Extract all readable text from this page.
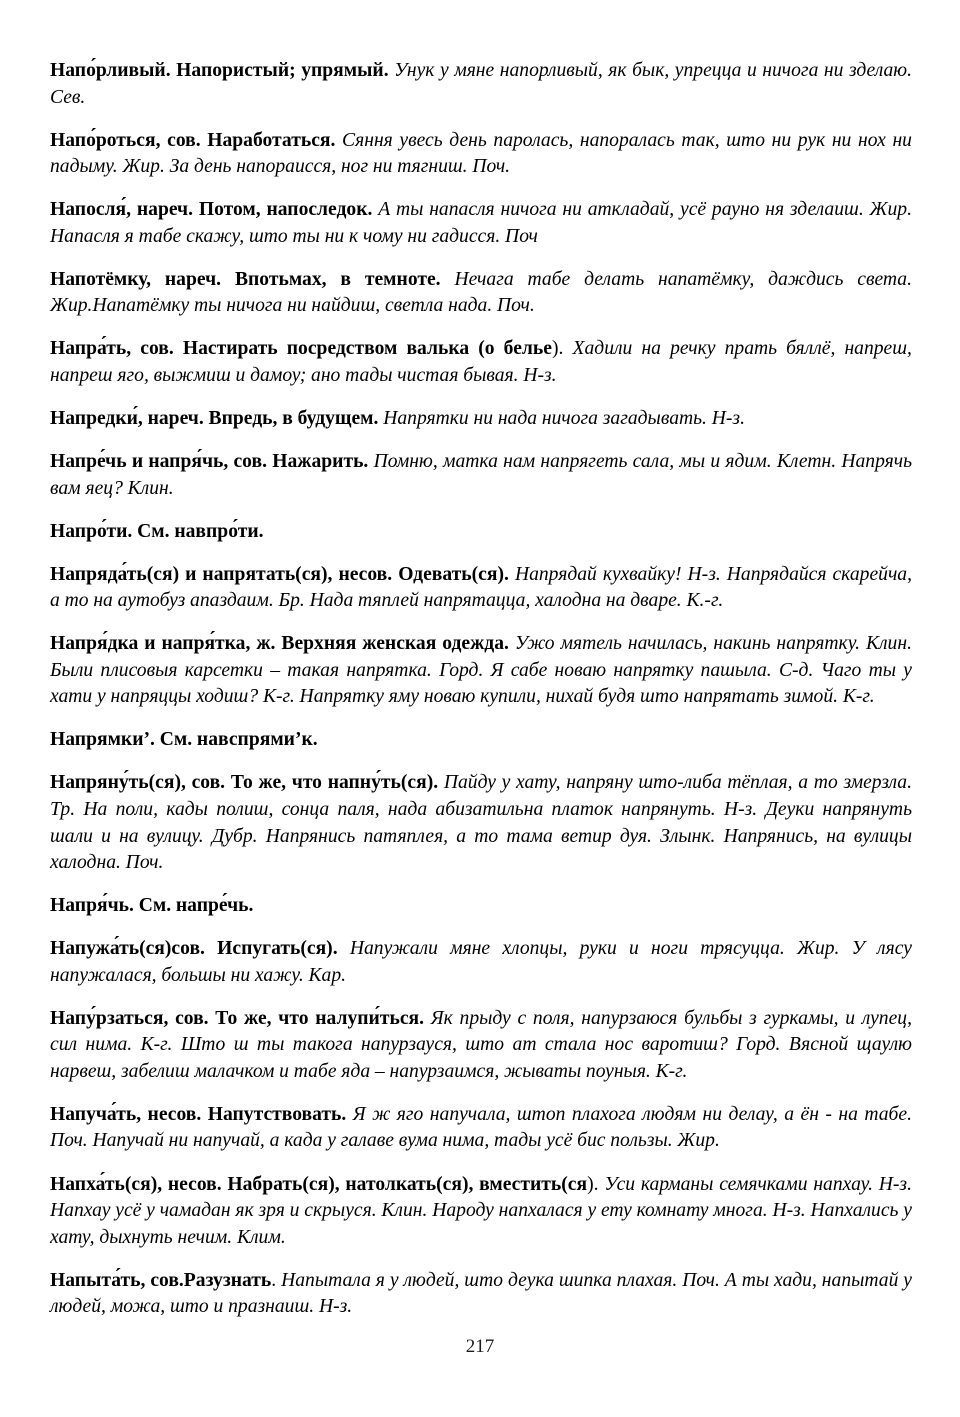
Напо́рливый. Напористый; упрямый. Унук у мяне напорливый, як бык, упрецца и ничога ни зделаю. Сев.

Напо́роться, сов. Наработаться. Сяння увесь день паролась, напоралась так, што ни рук ни нох ни падыму. Жир. За день напораисся, ног ни тягниш. Поч.

Напосля́, нареч. Потом, напоследок. А ты напасля ничога ни аткладай, усё рауно ня зделаиш. Жир. Напасля я табе скажу, што ты ни к чому ни гадисся. Поч

Напотёмку, нареч. Впотьмах, в темноте. Нечага табе делать напатёмку, даждись света. Жир.Напатёмку ты ничога ни найдиш, светла нада. Поч.

Напра́ть, сов. Настирать посредством валька (о белье). Хадили на речку прать бяллё, напреш, напреш яго, выжмиш и дамоу; ано тады чистая бывая. Н-з.

Напредки́, нареч. Впредь, в будущем. Напрятки ни нада ничога загадывать. Н-з.

Напре́чь и напря́чь, сов. Нажарить. Помню, матка нам напрягеть сала, мы и ядим. Клетн. Напрячь вам яец? Клин.

Напро́ти. См. навпро́ти.

Напряда́ть(ся) и напрятать(ся), несов. Одевать(ся). Напрядай кухвайку! Н-з. Напрядайся скарейча, а то на аутобуз апаздаим. Бр. Нада тяплей напрятацца, халодна на дваре. К.-г.

Напря́дка и напря́тка, ж. Верхняя женская одежда. Ужо мятель начилась, накинь напрятку. Клин. Были плисовыя карсетки – такая напрятка. Горд. Я сабе новаю напрятку пашыла. С-д. Чаго ты у хати у напряццы ходиш? К-г. Напрятку яму новаю купили, нихай будя што напрятать зимой. К-г.

Напрямки’. См. навспрями’к.

Напряну́ть(ся), сов. То же, что напну́ть(ся). Пайду у хату, напряну што-либа тёплая, а то змерзла. Тр. На поли, кады полиш, сонца паля, нада абизатильна платок напрянуть. Н-з. Деуки напрянуть шали и на вулицу. Дубр. Напрянись патяплея, а то тама ветир дуя. Злынк. Напрянись, на вулицы халодна. Поч.

Напря́чь. См. напре́чь.

Напужа́ть(ся)сов. Испугать(ся). Напужали мяне хлопцы, руки и ноги трясуцца. Жир. У лясу напужалася, большы ни хажу. Кар.

Напу́рзаться, сов. То же, что налупи́ться. Як прыду с поля, напурзаюся бульбы з гуркамы, и лупец, сил нима. К-г. Што ш ты такога напурзауся, што ат стала нос варотиш? Горд. Вясной щаулю нарвеш, забелиш малачком и табе яда – напурзаимся, жываты поуныя. К-г.

Напуча́ть, несов. Напутствовать. Я ж яго напучала, штоп плахога людям ни делау, а ён - на табе. Поч. Напучай ни напучай, а када у галаве вума нима, тады усё бис пользы. Жир.

Напха́ть(ся), несов. Набрать(ся), натолкать(ся), вместить(ся). Уси карманы семячками напхау. Н-з. Напхау усё у чамадан як зря и скрыуся. Клин. Народу напхалася у ету комнату многа. Н-з. Напхались у хату, дыхнуть нечим. Клим.

Напыта́ть, сов.Разузнать. Напытала я у людей, што деука шипка плахая. Поч. А ты хади, напытай у людей, можа, што и празнаиш. Н-з.

217
